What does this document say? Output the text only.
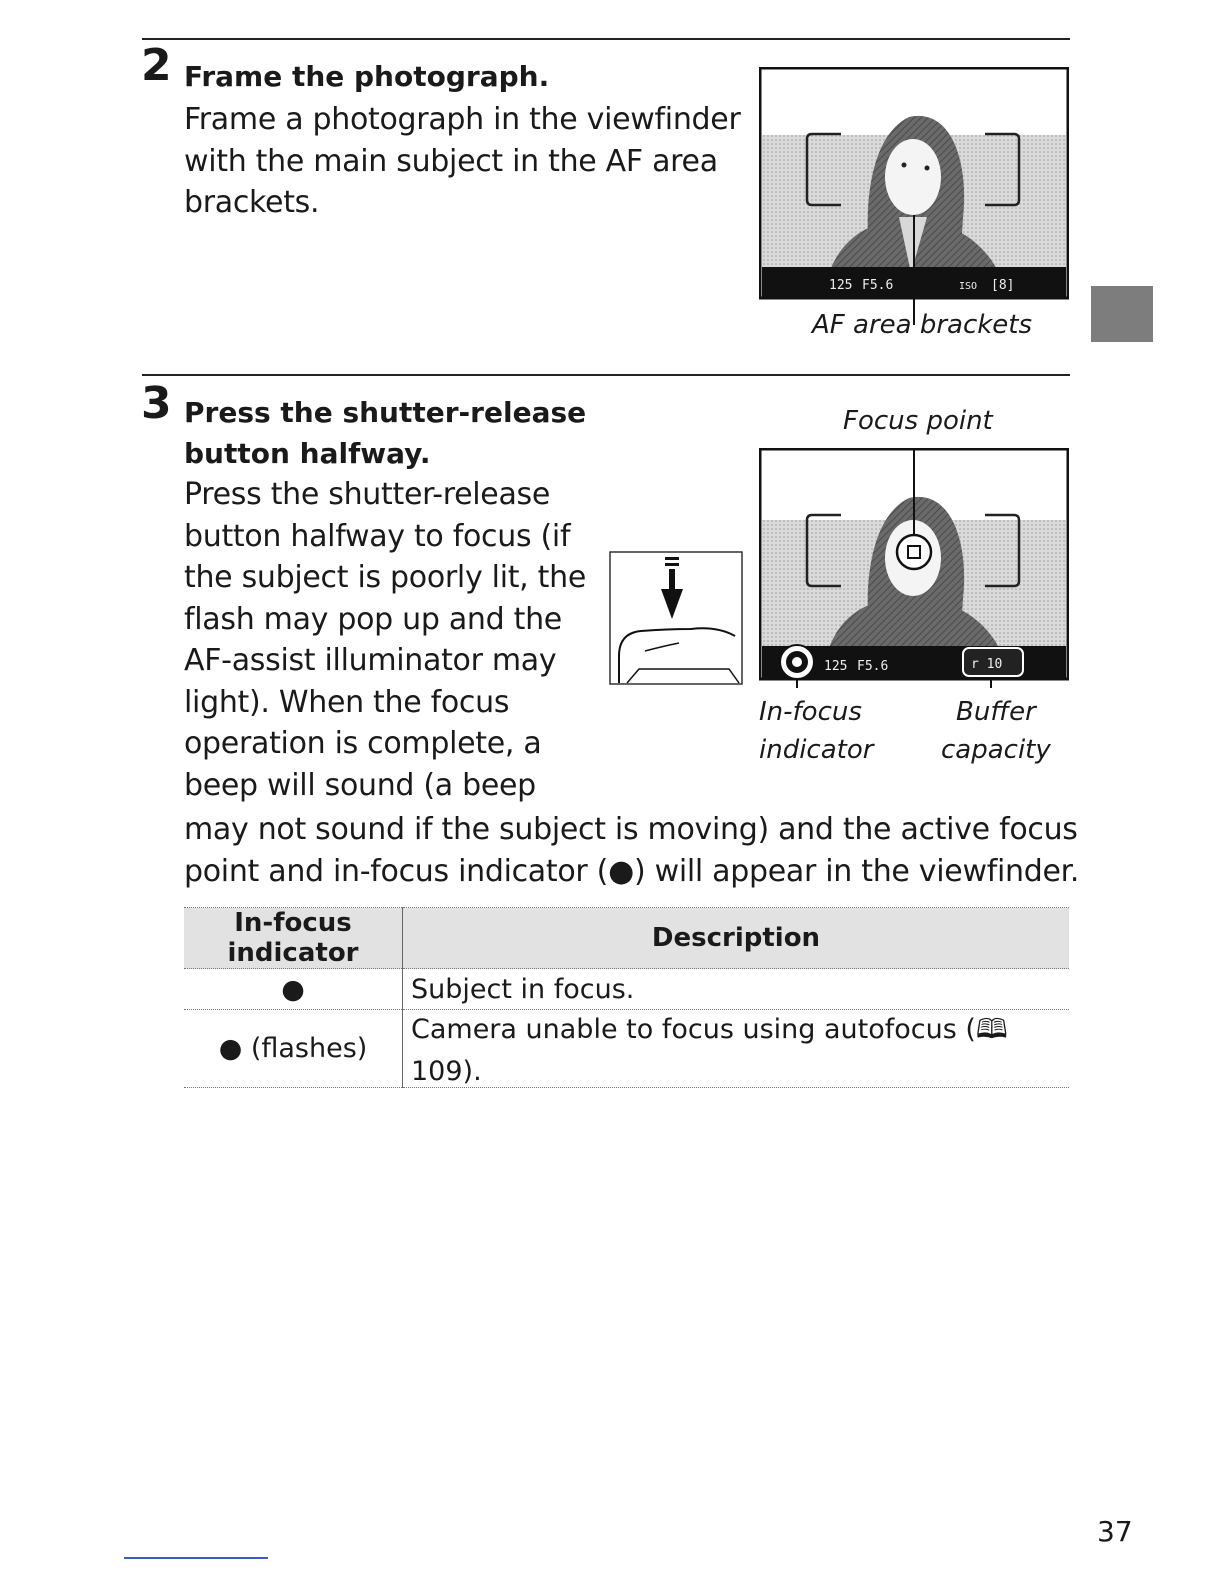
2 Frame the photograph.
Frame a photograph in the viewfinder
with the main subject in the AF area
brackets.
125 F5.6	ISO [8]
AF area brackets
3 Press the shutter-release
button halfway.
Press the shutter-release
button halfway to focus (if
the subject is poorly lit, the
flash may pop up and the
AF-assist illuminator may
light). When the focus
operation is complete, a
beep will sound (a beep
may not sound if the subject is moving) and the active focus
point and in-focus indicator (●) will appear in the viewfinder.
Focus point
125 F5.6	r 10
In-focus
indicator
Buffer
capacity
In-focus indicator	Description
●	Subject in focus.
● (flashes)	Camera unable to focus using autofocus (🕮 109).
37
